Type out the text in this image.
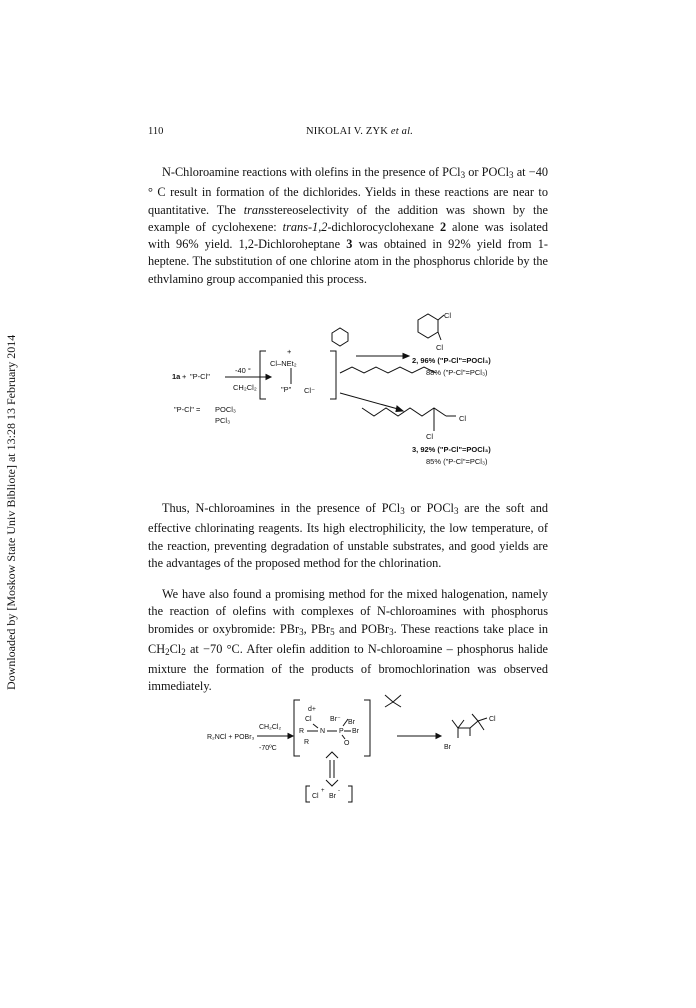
110	NIKOLAI V. ZYK et al.
Downloaded by [Moskow State Univ Bibliote] at 13:28 13 February 2014

N-Chloroamine reactions with olefins in the presence of PCl$_3$ or POCl$_3$ at −40 ° C result in formation of the dichlorides. Yields in these reactions are near to quantitative. The transstereoselectivity of the addition was shown by the example of cyclohexene: trans-1,2-dichlorocyclohexane 2 alone was isolated with 96% yield. 1,2-Dichloroheptane 3 was obtained in 92% yield from 1-heptene. The substitution of one chlorine atom in the phosphorus chloride by the ethvlamino group accompanied this process.

1a + "P-Cl"
-40 °
CH₂Cl₂
+
Cl–NEt₂
"P" Cl⁻
"P-Cl" = POCl₃
PCl₃
Cl
Cl
2, 96% ("P-Cl"=POCl₃)
88% ("P-Cl"=PCl₃)
Cl
Cl
3, 92% ("P-Cl"=POCl₃)
85% ("P-Cl"=PCl₃)

Thus, N-chloroamines in the presence of PCl$_3$ or POCl$_3$ are the soft and effective chlorinating reagents. Its high electrophilicity, the low temperature, of the reaction, preventing degradation of unstable substrates, and good yields are the advantages of the proposed method for the chlorination.

We have also found a promising method for the mixed halogenation, namely the reaction of olefins with complexes of N-chloroamines with phosphorus bromides or oxybromide: PBr$_3$, PBr$_5$ and POBr$_3$. These reactions take place in $CH_2Cl_2$ at −70 °C. After olefin addition to N-chloroamine – phosphorus halide mixture the formation of the products of bromochlorination was observed immediately.

R₂NCl + POBr₃
CH₂Cl₂
-70ºC
d+
Cl	Br⁻ Br
R N P Br
R	O
Cl
Br
Cl
+
Br
-
